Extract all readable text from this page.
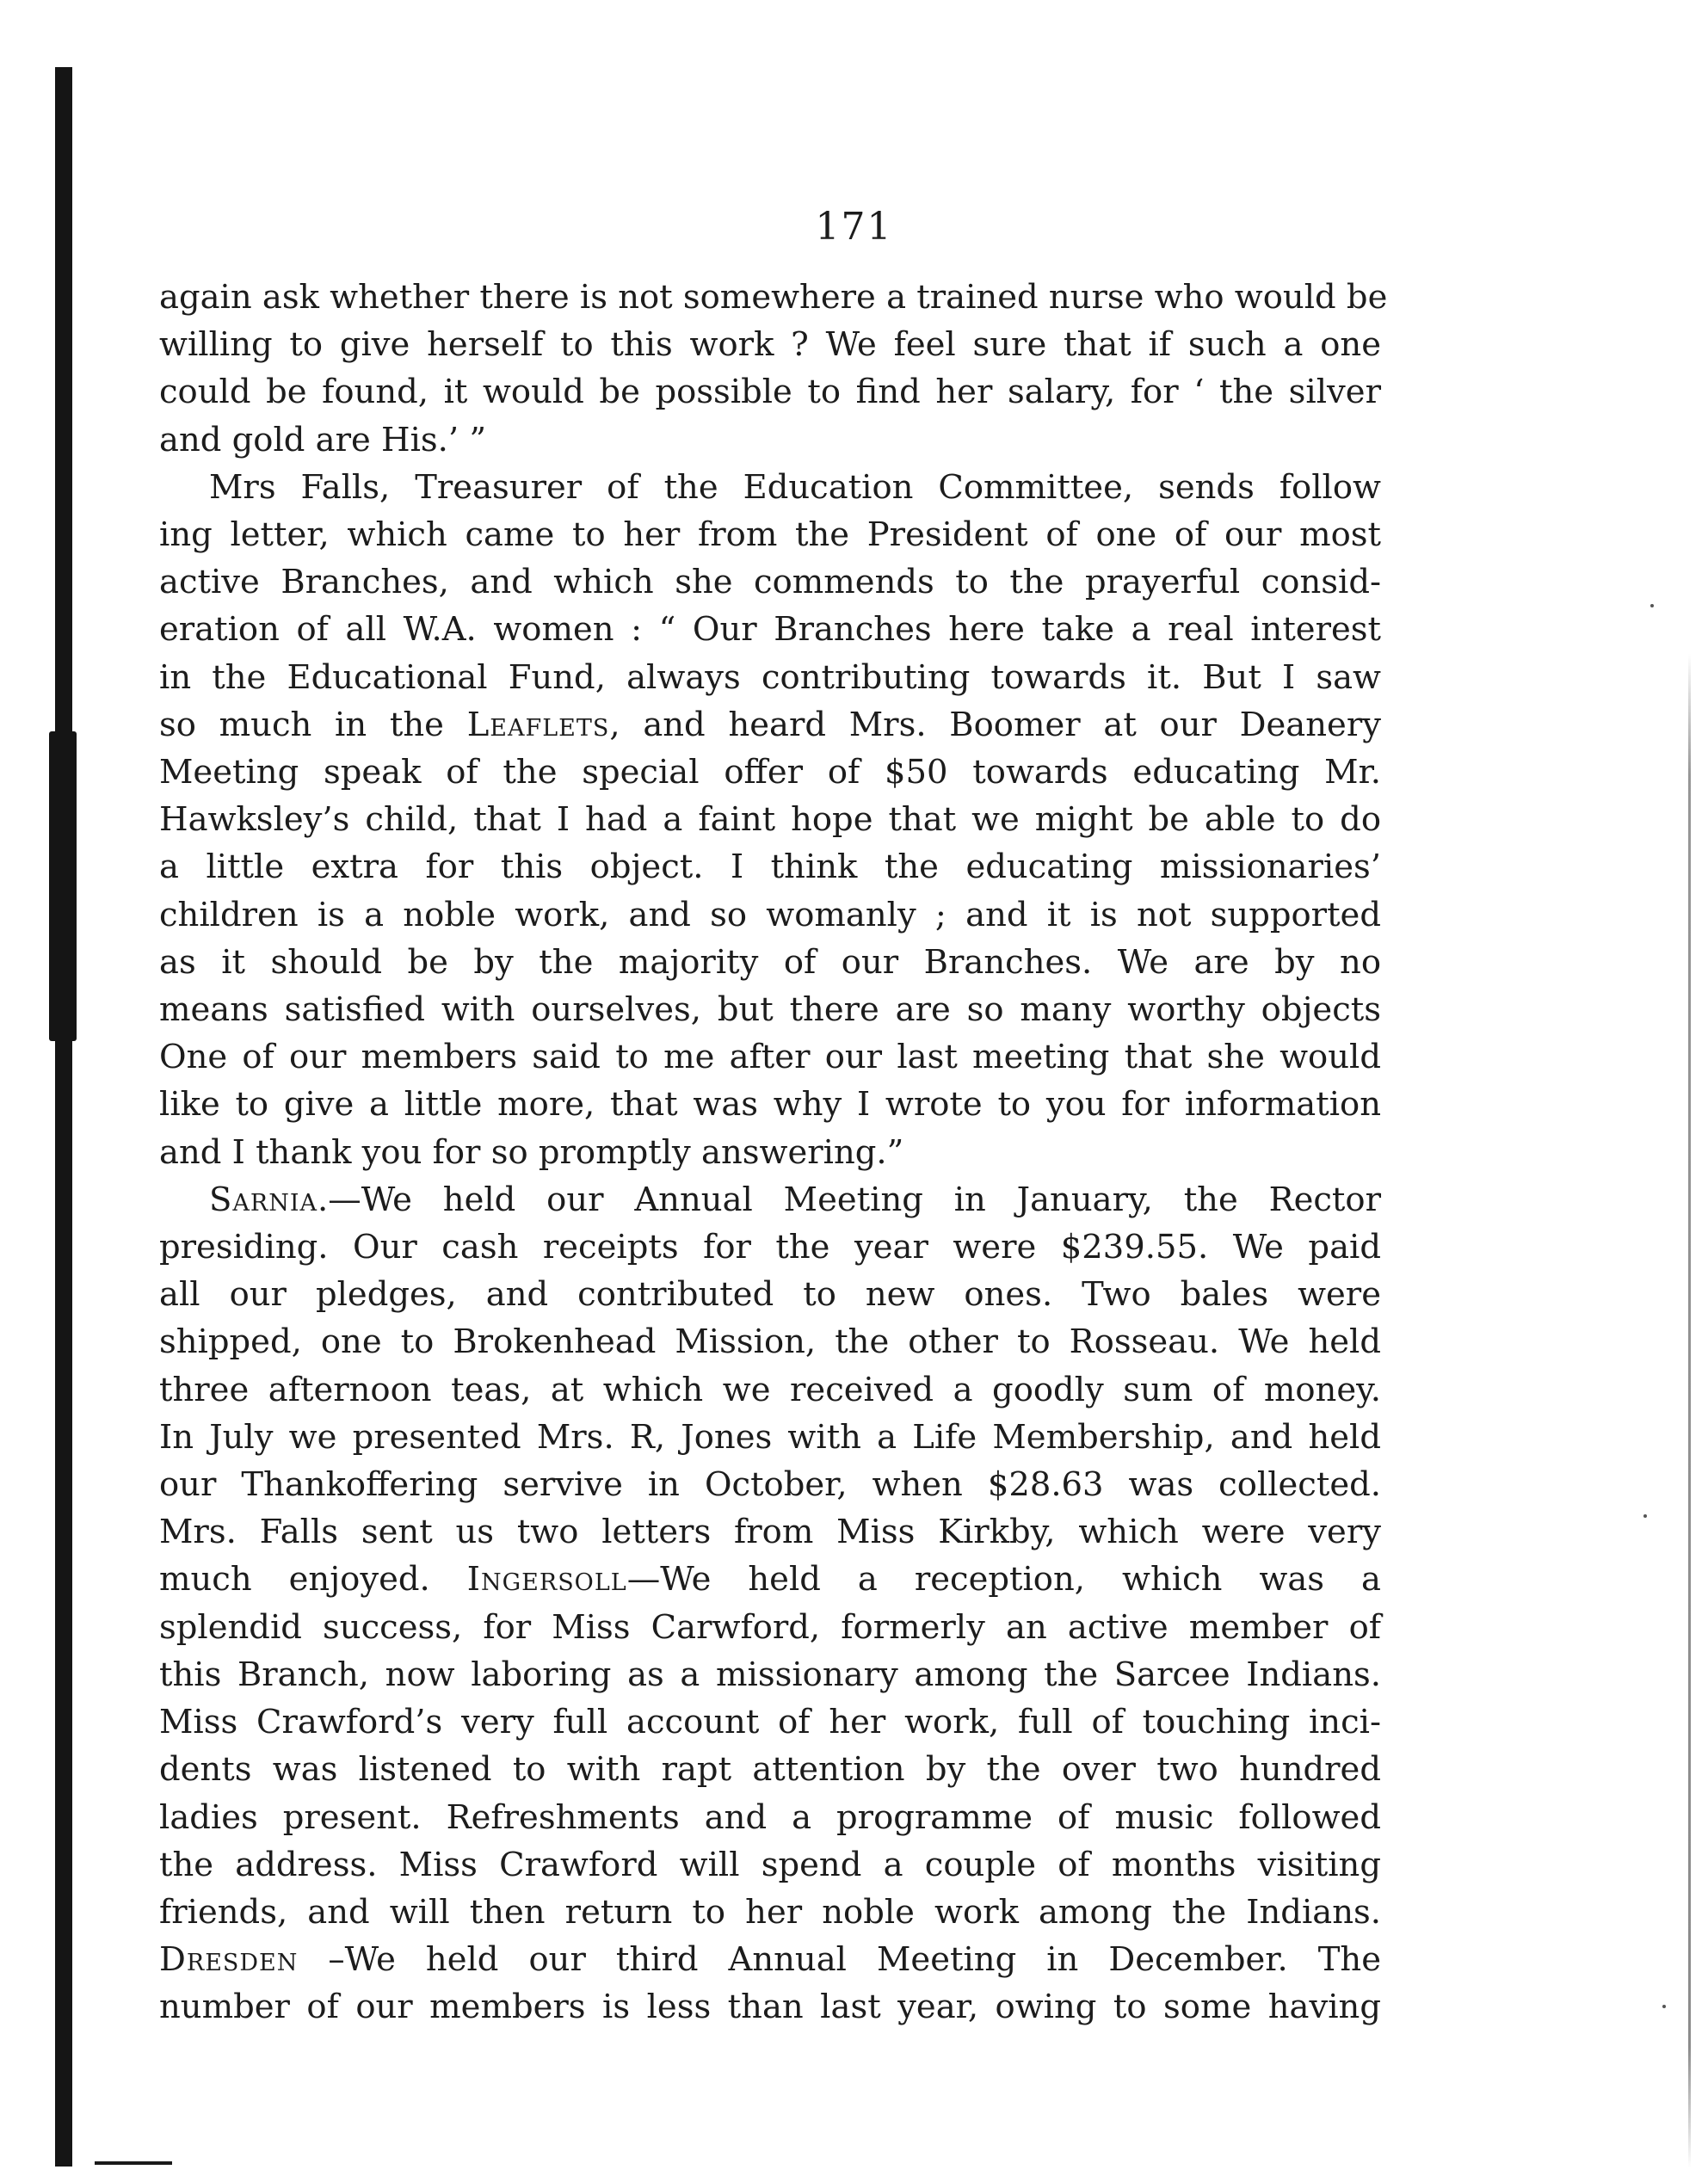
171

again ask whether there is not somewhere a trained nurse who would be
willing to give herself to this work ? We feel sure that if such a one
could be found, it would be possible to find her salary, for ‘ the silver
and gold are His.’ ”
Mrs Falls, Treasurer of the Education Committee, sends follow
ing letter, which came to her from the President of one of our most
active Branches, and which she commends to the prayerful consid-
eration of all W.A. women : “ Our Branches here take a real interest
in the Educational Fund, always contributing towards it. But I saw
so much in the Leaflets, and heard Mrs. Boomer at our Deanery
Meeting speak of the special offer of $50 towards educating Mr.
Hawksley’s child, that I had a faint hope that we might be able to do
a little extra for this object. I think the educating missionaries’
children is a noble work, and so womanly ; and it is not supported
as it should be by the majority of our Branches. We are by no
means satisfied with ourselves, but there are so many worthy objects
One of our members said to me after our last meeting that she would
like to give a little more, that was why I wrote to you for information
and I thank you for so promptly answering.”
Sarnia.—We held our Annual Meeting in January, the Rector
presiding. Our cash receipts for the year were $239.55. We paid
all our pledges, and contributed to new ones. Two bales were
shipped, one to Brokenhead Mission, the other to Rosseau. We held
three afternoon teas, at which we received a goodly sum of money.
In July we presented Mrs. R, Jones with a Life Membership, and held
our Thankoffering servive in October, when $28.63 was collected.
Mrs. Falls sent us two letters from Miss Kirkby, which were very
much enjoyed. Ingersoll—We held a reception, which was a
splendid success, for Miss Carwford, formerly an active member of
this Branch, now laboring as a missionary among the Sarcee Indians.
Miss Crawford’s very full account of her work, full of touching inci-
dents was listened to with rapt attention by the over two hundred
ladies present. Refreshments and a programme of music followed
the address. Miss Crawford will spend a couple of months visiting
friends, and will then return to her noble work among the Indians.
Dresden –We held our third Annual Meeting in December. The
number of our members is less than last year, owing to some having
